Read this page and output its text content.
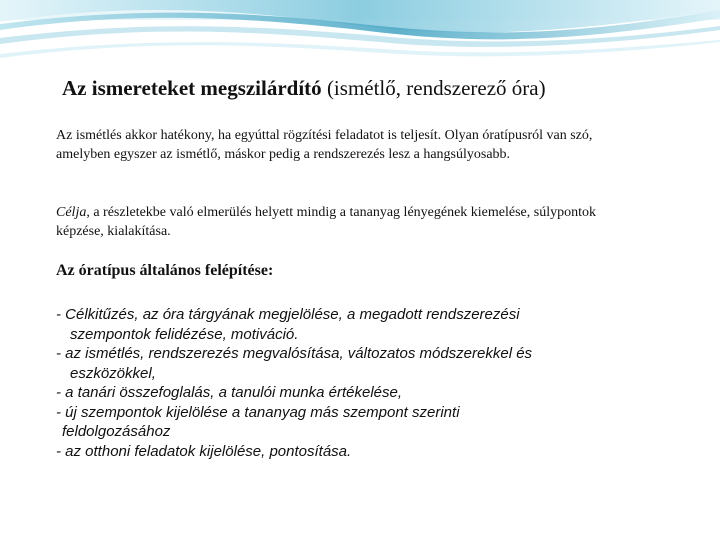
Az ismereteket megszilárdító (ismétlő, rendszerező óra)
Az ismétlés akkor hatékony, ha egyúttal rögzítési feladatot is teljesít. Olyan óratípusról van szó, amelyben egyszer az ismétlő, máskor pedig a rendszerezés lesz a hangsúlyosabb.
Célja, a részletekbe való elmerülés helyett mindig a tananyag lényegének kiemelése, súlypontok képzése, kialakítása.
Az óratípus általános felépítése:
- Célkitűzés, az óra tárgyának megjelölése, a megadott rendszerezési
szempontok felidézése, motiváció.
- az ismétlés, rendszerezés megvalósítása, változatos módszerekkel és
eszközökkel,
- a tanári összefoglalás, a tanulói munka értékelése,
- új szempontok kijelölése a tananyag más szempont szerinti
feldolgozásához
- az otthoni feladatok kijelölése, pontosítása.
